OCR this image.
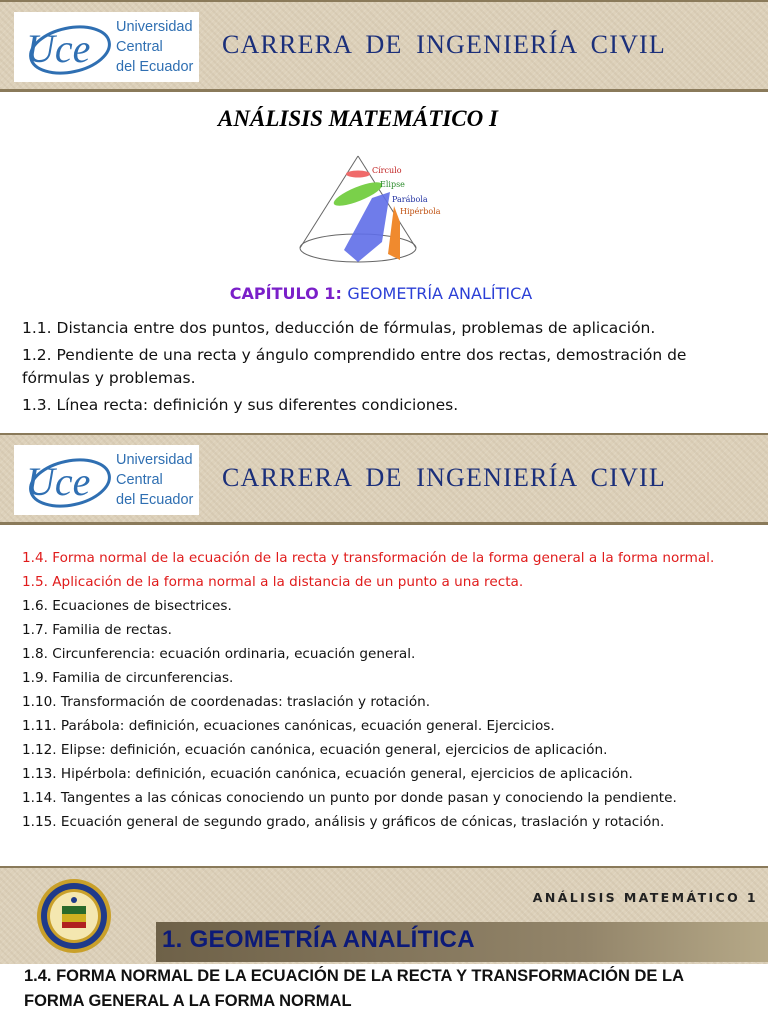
Uce Universidad
Central
del Ecuador
CARRERA DE INGENIERÍA CIVIL
ANÁLISIS MATEMÁTICO I
Círculo
Elipse
Parábola
Hipérbola
CAPÍTULO 1: GEOMETRÍA ANALÍTICA

1.1. Distancia entre dos puntos, deducción de fórmulas, problemas de aplicación.

1.2. Pendiente de una recta y ángulo comprendido entre dos rectas, demostración de fórmulas y problemas.

1.3. Línea recta: definición y sus diferentes condiciones.

Uce Universidad
Central
del Ecuador
CARRERA DE INGENIERÍA CIVIL

1.4. Forma normal de la ecuación de la recta y transformación de la forma general a la forma normal.

1.5. Aplicación de la forma normal a la distancia de un punto a una recta.

1.6. Ecuaciones de bisectrices.

1.7. Familia de rectas.

1.8. Circunferencia: ecuación ordinaria, ecuación general.

1.9. Familia de circunferencias.

1.10. Transformación de coordenadas: traslación y rotación.

1.11. Parábola: definición, ecuaciones canónicas, ecuación general. Ejercicios.

1.12. Elipse: definición, ecuación canónica, ecuación general, ejercicios de aplicación.

1.13. Hipérbola: definición, ecuación canónica, ecuación general, ejercicios de aplicación.

1.14. Tangentes a las cónicas conociendo un punto por donde pasan y conociendo la pendiente.

1.15. Ecuación general de segundo grado, análisis y gráficos de cónicas, traslación y rotación.

ANÁLISIS MATEMÁTICO 1
1. GEOMETRÍA ANALÍTICA
1.4. FORMA NORMAL DE LA ECUACIÓN DE LA RECTA Y TRANSFORMACIÓN DE LA FORMA GENERAL A LA FORMA NORMAL
